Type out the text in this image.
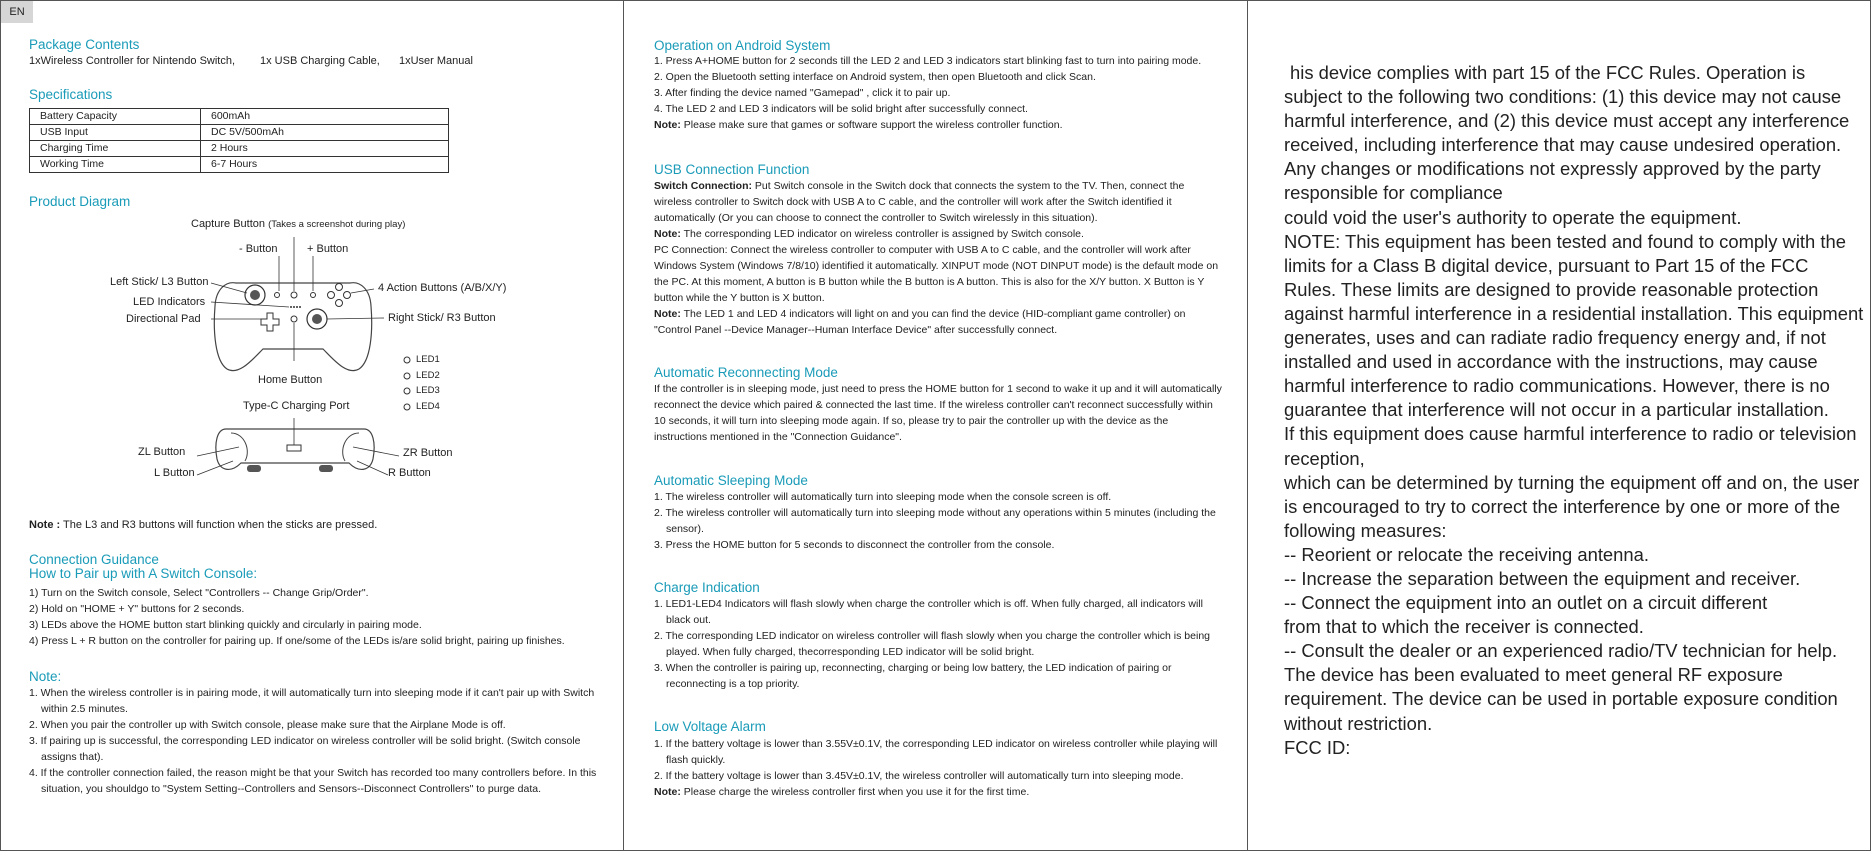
EN
Package Contents
1xWireless Controller for Nintendo Switch, 1x USB Charging Cable, 1xUser Manual
Specifications
Battery Capacity	600mAh
USB Input	DC 5V/500mAh
Charging Time	2 Hours
Working Time	6-7 Hours
Product Diagram
Capture Button (Takes a screenshot during play)
- Button	+ Button
Left Stick/ L3 Button	4 Action Buttons (A/B/X/Y)
LED Indicators
Directional Pad	Right Stick/ R3 Button
LED1
LED2
LED3
LED4
Home Button
Type-C Charging Port
ZL Button	ZR Button
L Button	R Button
Note : The L3 and R3 buttons will function when the sticks are pressed.
Connection Guidance
How to Pair up with A Switch Console:
1) Turn on the Switch console, Select "Controllers -- Change Grip/Order".
2) Hold on "HOME + Y" buttons for 2 seconds.
3) LEDs above the HOME button start blinking quickly and circularly in pairing mode.
4) Press L + R button on the controller for pairing up. If one/some of the LEDs is/are solid bright, pairing up finishes.
Note:
1. When the wireless controller is in pairing mode, it will automatically turn into sleeping mode if it can't pair up with Switch within 2.5 minutes.
2. When you pair the controller up with Switch console, please make sure that the Airplane Mode is off.
3. If pairing up is successful, the corresponding LED indicator on wireless controller will be solid bright. (Switch console assigns that).
4. If the controller connection failed, the reason might be that your Switch has recorded too many controllers before. In this situation, you shouldgo to "System Setting--Controllers and Sensors--Disconnect Controllers" to purge data.
Operation on Android System
1. Press A+HOME button for 2 seconds till the LED 2 and LED 3 indicators start blinking fast to turn into pairing mode.
2. Open the Bluetooth setting interface on Android system, then open Bluetooth and click Scan.
3. After finding the device named "Gamepad" , click it to pair up.
4. The LED 2 and LED 3 indicators will be solid bright after successfully connect.
Note: Please make sure that games or software support the wireless controller function.
USB Connection Function
Switch Connection: Put Switch console in the Switch dock that connects the system to the TV. Then, connect the wireless controller to Switch dock with USB A to C cable, and the controller will work after the Switch identified it automatically (Or you can choose to connect the controller to Switch wirelessly in this situation).
Note: The corresponding LED indicator on wireless controller is assigned by Switch console.
PC Connection: Connect the wireless controller to computer with USB A to C cable, and the controller will work after Windows System (Windows 7/8/10) identified it automatically. XINPUT mode (NOT DINPUT mode) is the default mode on the PC. At this moment, A button is B button while the B button is A button. This is also for the X/Y button. X Button is Y button while the Y button is X button.
Note: The LED 1 and LED 4 indicators will light on and you can find the device (HID-compliant game controller) on "Control Panel --Device Manager--Human Interface Device" after successfully connect.
Automatic Reconnecting Mode
If the controller is in sleeping mode, just need to press the HOME button for 1 second to wake it up and it will automatically reconnect the device which paired & connected the last time. If the wireless controller can't reconnect successfully within 10 seconds, it will turn into sleeping mode again. If so, please try to pair the controller up with the device as the instructions mentioned in the "Connection Guidance".
Automatic Sleeping Mode
1. The wireless controller will automatically turn into sleeping mode when the console screen is off.
2. The wireless controller will automatically turn into sleeping mode without any operations within 5 minutes (including the sensor).
3. Press the HOME button for 5 seconds to disconnect the controller from the console.
Charge Indication
1. LED1-LED4 Indicators will flash slowly when charge the controller which is off. When fully charged, all indicators will black out.
2. The corresponding LED indicator on wireless controller will flash slowly when you charge the controller which is being played. When fully charged, thecorresponding LED indicator will be solid bright.
3. When the controller is pairing up, reconnecting, charging or being low battery, the LED indication of pairing or reconnecting is a top priority.
Low Voltage Alarm
1. If the battery voltage is lower than 3.55V±0.1V, the corresponding LED indicator on wireless controller while playing will flash quickly.
2. If the battery voltage is lower than 3.45V±0.1V, the wireless controller will automatically turn into sleeping mode.
Note: Please charge the wireless controller first when you use it for the first time.

his device complies with part 15 of the FCC Rules. Operation is subject to the following two conditions: (1) this device may not cause harmful interference, and (2) this device must accept any interference received, including interference that may cause undesired operation.

Any changes or modifications not expressly approved by the party responsible for compliance

could void the user's authority to operate the equipment.

NOTE: This equipment has been tested and found to comply with the limits for a Class B digital device, pursuant to Part 15 of the FCC Rules. These limits are designed to provide reasonable protection against harmful interference in a residential installation. This equipment generates, uses and can radiate radio frequency energy and, if not installed and used in accordance with the instructions, may cause harmful interference to radio communications. However, there is no guarantee that interference will not occur in a particular installation.

If this equipment does cause harmful interference to radio or television reception,

which can be determined by turning the equipment off and on, the user is encouraged to try to correct the interference by one or more of the following measures:

-- Reorient or relocate the receiving antenna.

-- Increase the separation between the equipment and receiver.

-- Connect the equipment into an outlet on a circuit different

from that to which the receiver is connected.

-- Consult the dealer or an experienced radio/TV technician for help.

The device has been evaluated to meet general RF exposure requirement. The device can be used in portable exposure condition without restriction.

FCC ID:
